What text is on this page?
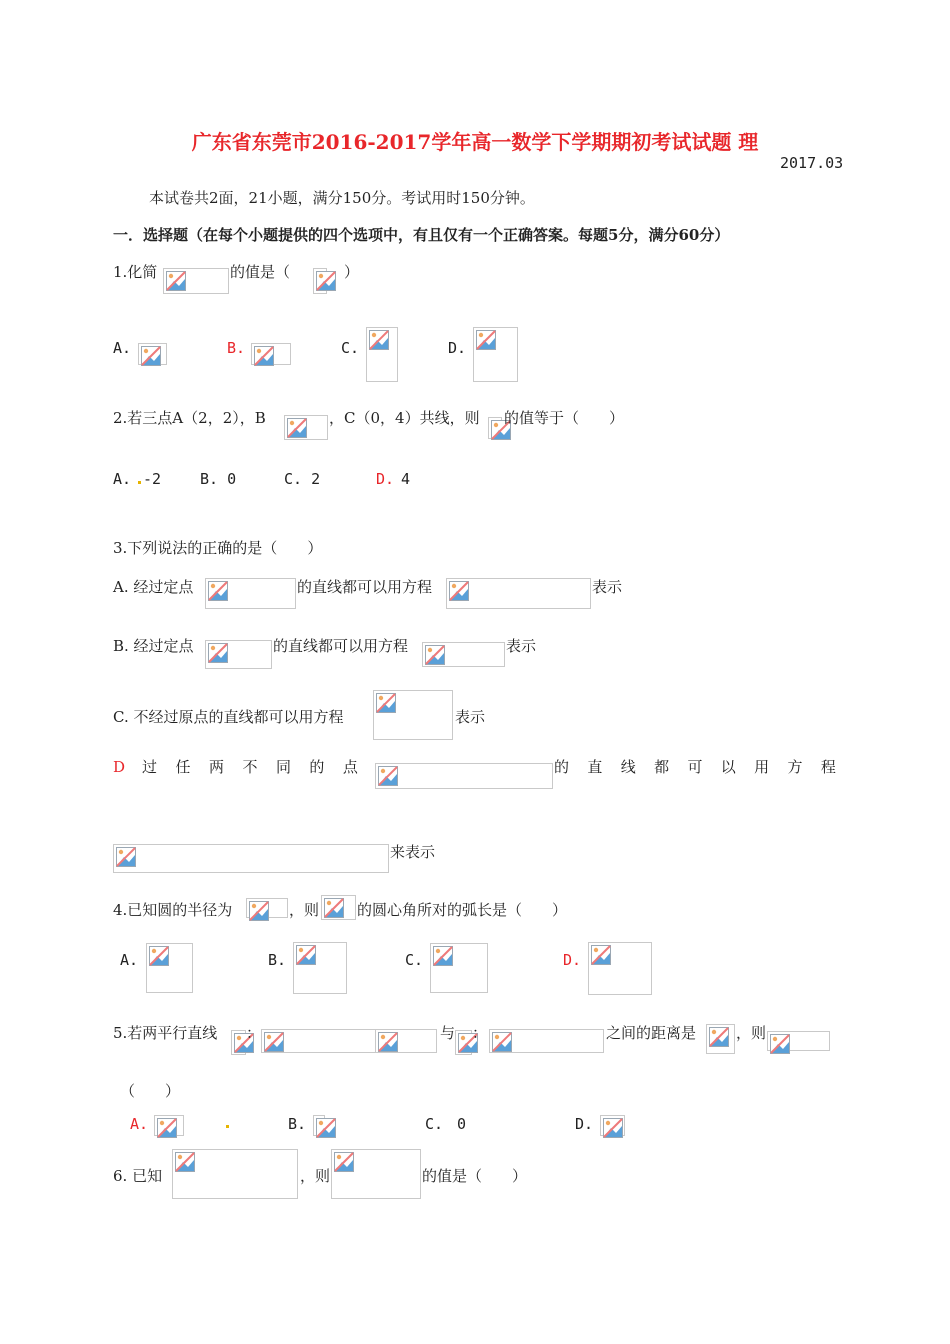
广东省东莞市2016-2017学年高一数学下学期期初考试试题 理
2017.03
本试卷共2面，21小题，满分150分。考试用时150分钟。
一．选择题（在每个小题提供的四个选项中，有且仅有一个正确答案。每题5分，满分60分）
1.化简	的值是（	）
A.	B.	C.	D.
2.若三点A（2，2），B	，C（0，4）共线，则 的值等于（　　）
A. -2	B. 0	C. 2	D. 4
3.下列说法的正确的是（　　）
A. 经过定点	的直线都可以用方程	表示
B. 经过定点	的直线都可以用方程	表示
C. 不经过原点的直线都可以用方程	表示
D 过 任 两 不 同 的 点	的 直 线 都 可 以 用 方 程
来表示
4.已知圆的半径为	，则	的圆心角所对的弧长是（　　）
A.	B.	C.	D.
5.若两平行直线 ：	与 ：	之间的距离是	，则
（　　）
A.	B.	C. 0	D.
6. 已知	，则	的值是（　　）
